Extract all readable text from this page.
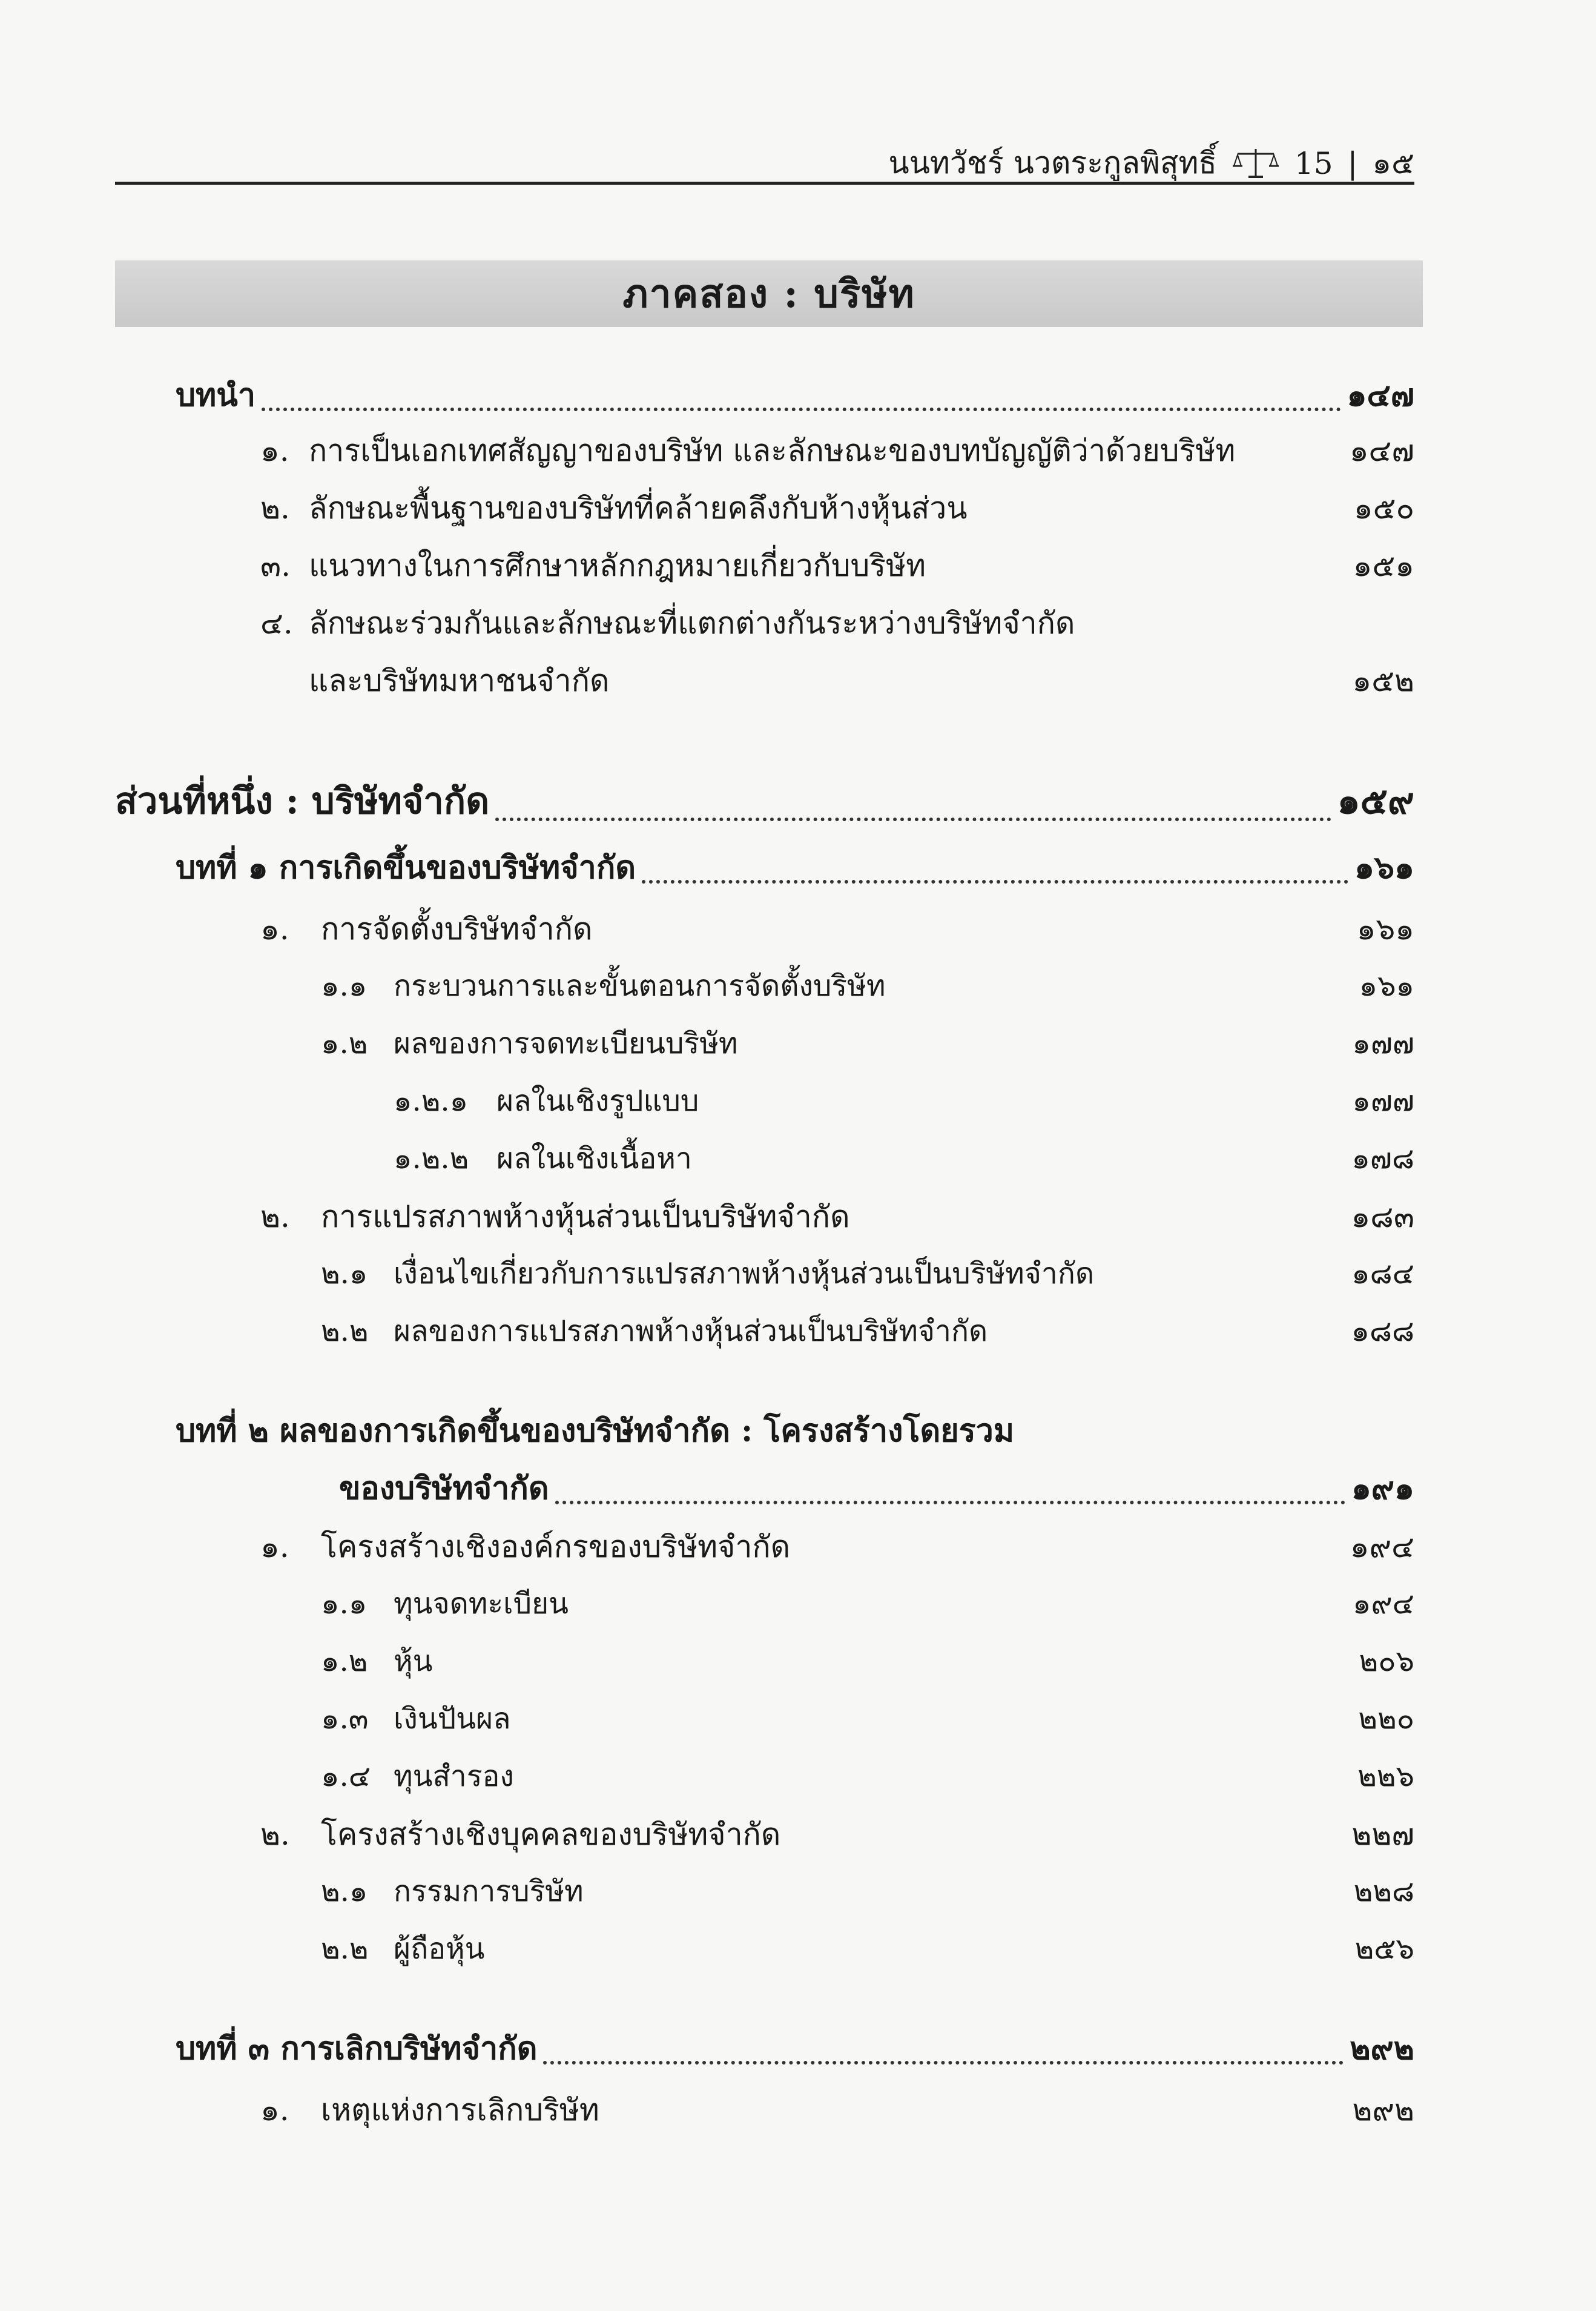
นนทวัชร์ นวตระกูลพิสุทธิ์	15 | ๑๕
ภาคสอง : บริษัท
บทนำ	๑๔๗
๑. การเป็นเอกเทศสัญญาของบริษัท และลักษณะของบทบัญญัติว่าด้วยบริษัท	๑๔๗
๒. ลักษณะพื้นฐานของบริษัทที่คล้ายคลึงกับห้างหุ้นส่วน	๑๕๐
๓. แนวทางในการศึกษาหลักกฎหมายเกี่ยวกับบริษัท	๑๕๑
๔. ลักษณะร่วมกันและลักษณะที่แตกต่างกันระหว่างบริษัทจำกัด
และบริษัทมหาชนจำกัด	๑๕๒
ส่วนที่หนึ่ง : บริษัทจำกัด	๑๕๙
บทที่ ๑ การเกิดขึ้นของบริษัทจำกัด	๑๖๑
๑.	การจัดตั้งบริษัทจำกัด	๑๖๑
๑.๑ กระบวนการและขั้นตอนการจัดตั้งบริษัท	๑๖๑
๑.๒ ผลของการจดทะเบียนบริษัท	๑๗๗
๑.๒.๑ ผลในเชิงรูปแบบ	๑๗๗
๑.๒.๒ ผลในเชิงเนื้อหา	๑๗๘
๒.	การแปรสภาพห้างหุ้นส่วนเป็นบริษัทจำกัด	๑๘๓
๒.๑ เงื่อนไขเกี่ยวกับการแปรสภาพห้างหุ้นส่วนเป็นบริษัทจำกัด	๑๘๔
๒.๒ ผลของการแปรสภาพห้างหุ้นส่วนเป็นบริษัทจำกัด	๑๘๘
บทที่ ๒ ผลของการเกิดขึ้นของบริษัทจำกัด : โครงสร้างโดยรวม
ของบริษัทจำกัด	๑๙๑
๑.	โครงสร้างเชิงองค์กรของบริษัทจำกัด	๑๙๔
๑.๑ ทุนจดทะเบียน	๑๙๔
๑.๒ หุ้น	๒๐๖
๑.๓ เงินปันผล	๒๒๐
๑.๔ ทุนสำรอง	๒๒๖
๒.	โครงสร้างเชิงบุคคลของบริษัทจำกัด	๒๒๗
๒.๑ กรรมการบริษัท	๒๒๘
๒.๒ ผู้ถือหุ้น	๒๕๖
บทที่ ๓ การเลิกบริษัทจำกัด	๒๙๒
๑.	เหตุแห่งการเลิกบริษัท	๒๙๒
